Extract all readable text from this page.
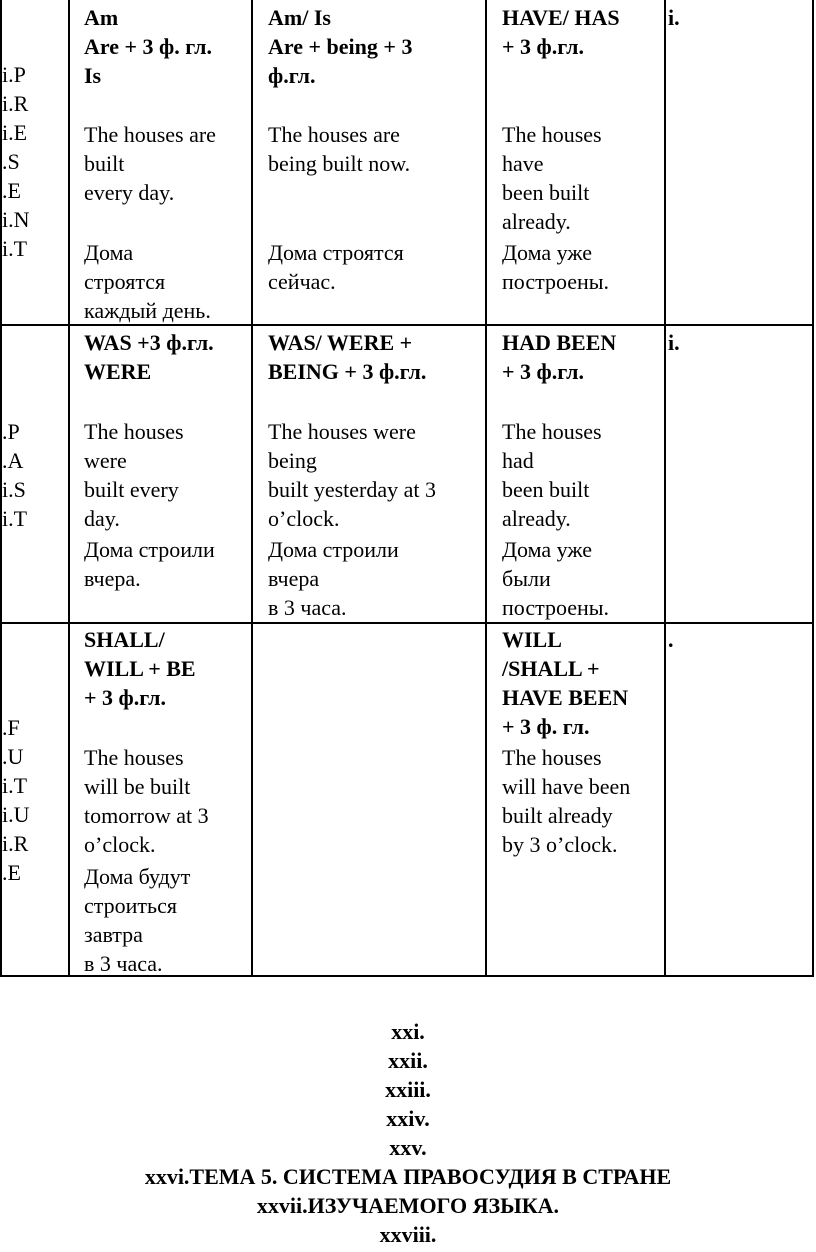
i.P
i.R
i.E
.S
.E
i.N
i.T
Am
Are + 3 ф. гл.
Is
The houses are
built
every day.
Дома
строятся
каждый день.
Am/ Is
Are + being + 3
ф.гл.
The houses are
being built now.
Дома строятся
сейчас.
HAVE/ HAS
+ 3 ф.гл.
The houses
have
been built
already.
Дома уже
построены.
i.
.P
.A
i.S
i.T
WAS +3 ф.гл.
WERE
The houses
were
built every
day.
Дома строили
вчера.
WAS/ WERE +
BEING + 3 ф.гл.
The houses were
being
built yesterday at 3
o’clock.
Дома строили
вчера
в 3 часа.
HAD BEEN
+ 3 ф.гл.
The houses
had
been built
already.
Дома уже
были
построены.
i.
.F
.U
i.T
i.U
i.R
.E
SHALL/
WILL + BE
+ 3 ф.гл.
The houses
will be built
tomorrow at 3
o’clock.
Дома будут
строиться
завтра
в 3 часа.
WILL
/SHALL +
HAVE BEEN
+ 3 ф. гл.
The houses
will have been
built already
by 3 o’clock.
.
xxi.
xxii.
xxiii.
xxiv.
xxv.
xxvi.ТЕМА 5. СИСТЕМА ПРАВОСУДИЯ В СТРАНЕ
xxvii.ИЗУЧАЕМОГО ЯЗЫКА.
xxviii.
